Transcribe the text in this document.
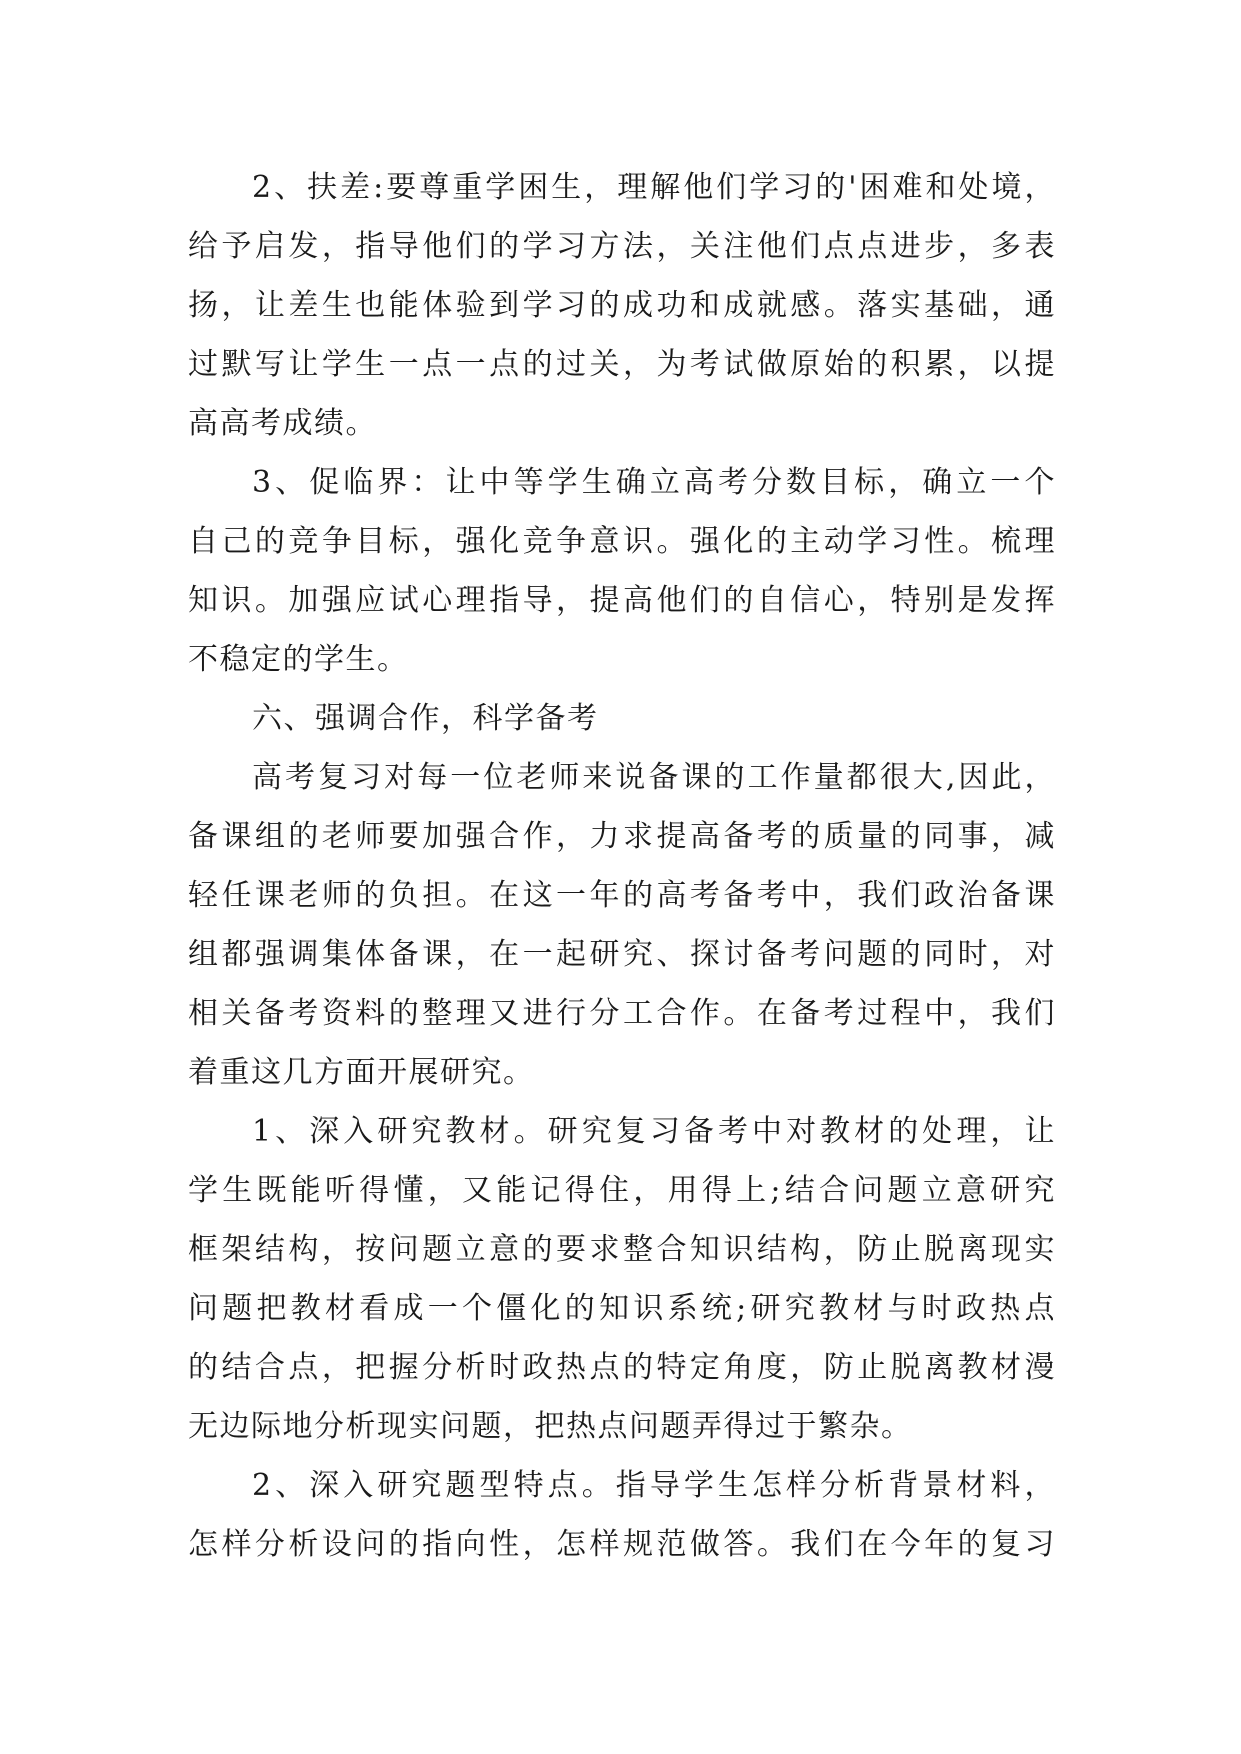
2、扶差:要尊重学困生，理解他们学习的'困难和处境，
给予启发，指导他们的学习方法，关注他们点点进步，多表
扬，让差生也能体验到学习的成功和成就感。落实基础，通
过默写让学生一点一点的过关，为考试做原始的积累，以提
高高考成绩。
3、促临界：让中等学生确立高考分数目标，确立一个
自己的竞争目标，强化竞争意识。强化的主动学习性。梳理
知识。加强应试心理指导，提高他们的自信心，特别是发挥
不稳定的学生。
六、强调合作，科学备考
高考复习对每一位老师来说备课的工作量都很大,因此，
备课组的老师要加强合作，力求提高备考的质量的同事，减
轻任课老师的负担。在这一年的高考备考中，我们政治备课
组都强调集体备课，在一起研究、探讨备考问题的同时，对
相关备考资料的整理又进行分工合作。在备考过程中，我们
着重这几方面开展研究。
1、深入研究教材。研究复习备考中对教材的处理，让
学生既能听得懂，又能记得住，用得上;结合问题立意研究
框架结构，按问题立意的要求整合知识结构，防止脱离现实
问题把教材看成一个僵化的知识系统;研究教材与时政热点
的结合点，把握分析时政热点的特定角度，防止脱离教材漫
无边际地分析现实问题，把热点问题弄得过于繁杂。
2、深入研究题型特点。指导学生怎样分析背景材料，
怎样分析设问的指向性，怎样规范做答。我们在今年的复习
